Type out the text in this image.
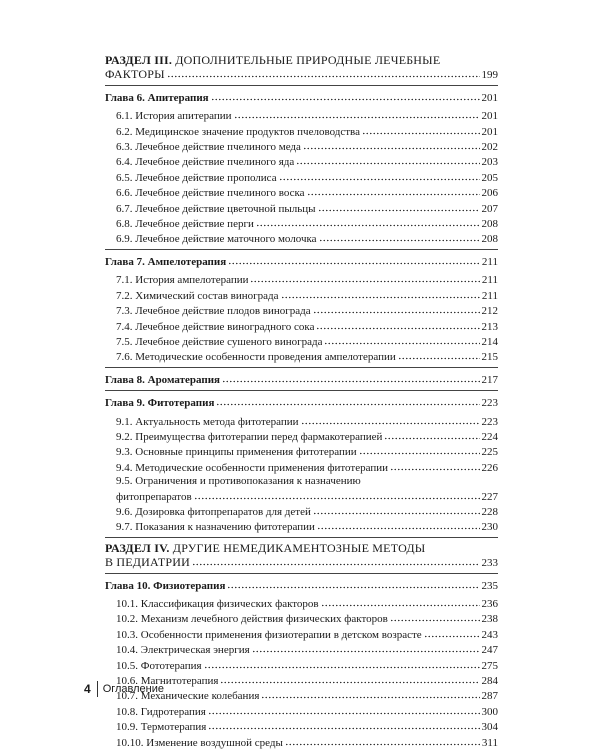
РАЗДЕЛ III. ДОПОЛНИТЕЛЬНЫЕ ПРИРОДНЫЕ ЛЕЧЕБНЫЕ
ФАКТОРЫ	199
Глава 6. Апитерапия	201
6.1. История апитерапии	201
6.2. Медицинское значение продуктов пчеловодства	201
6.3. Лечебное действие пчелиного меда	202
6.4. Лечебное действие пчелиного яда	203
6.5. Лечебное действие прополиса	205
6.6. Лечебное действие пчелиного воска	206
6.7. Лечебное действие цветочной пыльцы	207
6.8. Лечебное действие перги	208
6.9. Лечебное действие маточного молочка	208
Глава 7. Ампелотерапия	211
7.1. История ампелотерапии	211
7.2. Химический состав винограда	211
7.3. Лечебное действие плодов винограда	212
7.4. Лечебное действие виноградного сока	213
7.5. Лечебное действие сушеного винограда	214
7.6. Методические особенности проведения ампелотерапии	215
Глава 8. Ароматерапия	217
Глава 9. Фитотерапия	223
9.1. Актуальность метода фитотерапии	223
9.2. Преимущества фитотерапии перед фармакотерапией	224
9.3. Основные принципы применения фитотерапии	225
9.4. Методические особенности применения фитотерапии	226
9.5. Ограничения и противопоказания к назначению
фитопрепаратов	227
9.6. Дозировка фитопрепаратов для детей	228
9.7. Показания к назначению фитотерапии	230
РАЗДЕЛ IV. ДРУГИЕ НЕМЕДИКАМЕНТОЗНЫЕ МЕТОДЫ
В ПЕДИАТРИИ	233
Глава 10. Физиотерапия	235
10.1. Классификация физических факторов	236
10.2. Механизм лечебного действия физических факторов	238
10.3. Особенности применения физиотерапии в детском возрасте	243
10.4. Электрическая энергия	247
10.5. Фототерапия	275
10.6. Магнитотерапия	284
10.7. Механические колебания	287
10.8. Гидротерапия	300
10.9. Термотерапия	304
10.10. Изменение воздушной среды	311
4 Оглавление
